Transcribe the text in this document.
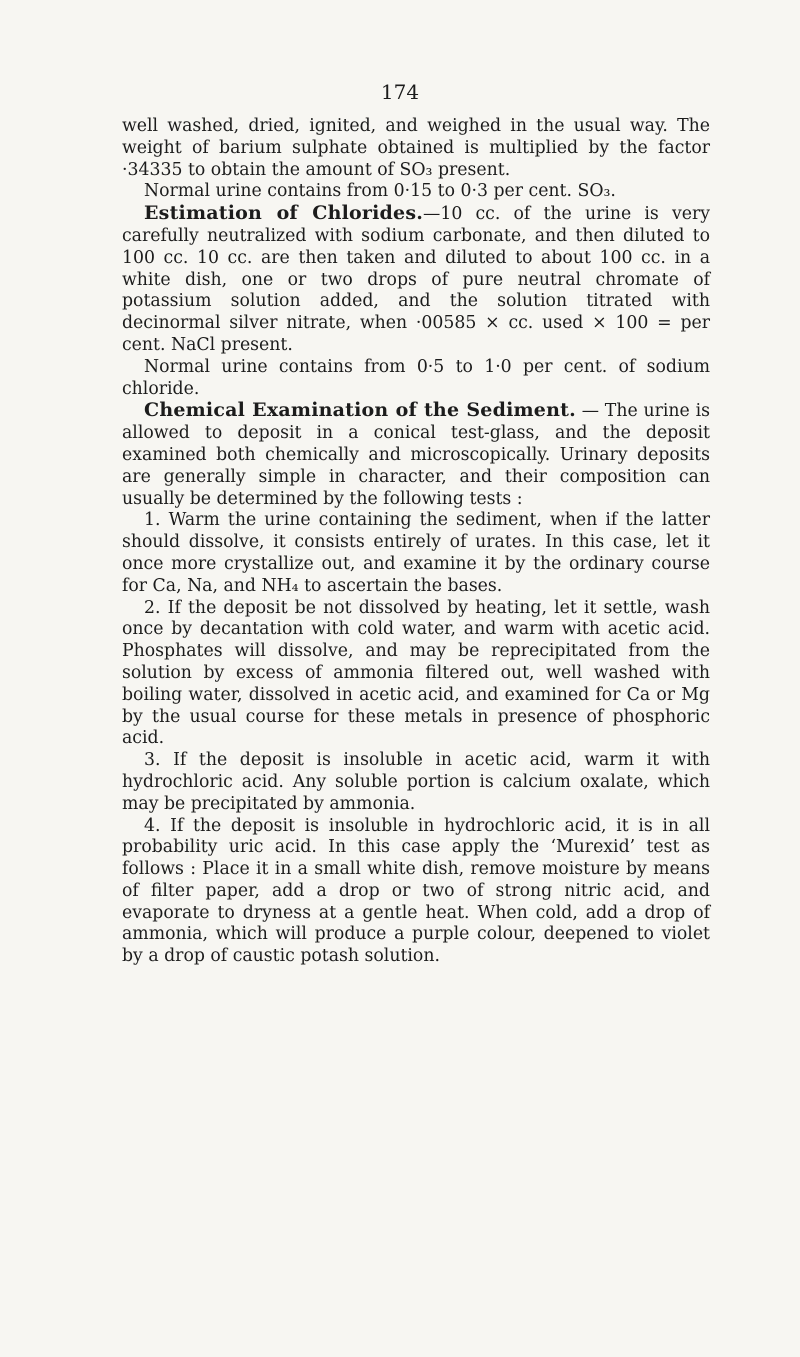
174

well washed, dried, ignited, and weighed in the usual way. The weight of barium sulphate obtained is multiplied by the factor ·34335 to obtain the amount of SO₃ present.

Normal urine contains from 0·15 to 0·3 per cent. SO₃.

Estimation of Chlorides.—10 cc. of the urine is very carefully neutralized with sodium carbonate, and then diluted to 100 cc. 10 cc. are then taken and diluted to about 100 cc. in a white dish, one or two drops of pure neutral chromate of potassium solution added, and the solution titrated with decinormal silver nitrate, when ·00585 × cc. used × 100 = per cent. NaCl present.

Normal urine contains from 0·5 to 1·0 per cent. of sodium chloride.

Chemical Examination of the Sediment. — The urine is allowed to deposit in a conical test-glass, and the deposit examined both chemically and microscopically. Urinary deposits are generally simple in character, and their composition can usually be determined by the following tests :

1. Warm the urine containing the sediment, when if the latter should dissolve, it consists entirely of urates. In this case, let it once more crystallize out, and examine it by the ordinary course for Ca, Na, and NH₄ to ascertain the bases.

2. If the deposit be not dissolved by heating, let it settle, wash once by decantation with cold water, and warm with acetic acid. Phosphates will dissolve, and may be reprecipitated from the solution by excess of ammonia filtered out, well washed with boiling water, dissolved in acetic acid, and examined for Ca or Mg by the usual course for these metals in presence of phosphoric acid.

3. If the deposit is insoluble in acetic acid, warm it with hydrochloric acid. Any soluble portion is calcium oxalate, which may be precipitated by ammonia.

4. If the deposit is insoluble in hydrochloric acid, it is in all probability uric acid. In this case apply the ‘Murexid’ test as follows : Place it in a small white dish, remove moisture by means of filter paper, add a drop or two of strong nitric acid, and evaporate to dryness at a gentle heat. When cold, add a drop of ammonia, which will produce a purple colour, deepened to violet by a drop of caustic potash solution.
